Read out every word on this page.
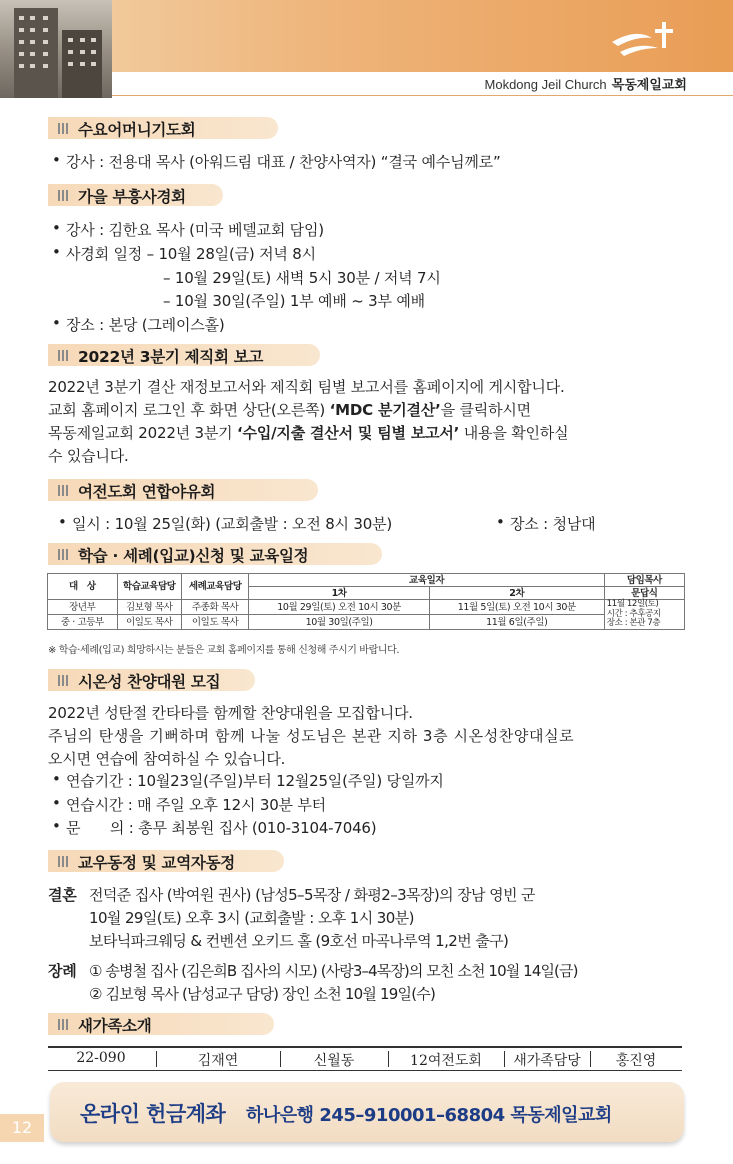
Mokdong Jeil Church 목동제일교회
수요어머니기도회
• 강사 : 전용대 목사 (아워드림 대표 / 찬양사역자) “결국 예수님께로”
가을 부흥사경회
• 강사 : 김한요 목사 (미국 베델교회 담임)
• 사경회 일정 – 10월 28일(금) 저녁 8시
– 10월 29일(토) 새벽 5시 30분 / 저녁 7시
– 10월 30일(주일) 1부 예배 ~ 3부 예배
• 장소 : 본당 (그레이스홀)
2022년 3분기 제직회 보고
2022년 3분기 결산 재정보고서와 제직회 팀별 보고서를 홈페이지에 게시합니다.
교회 홈페이지 로그인 후 화면 상단(오른쪽) ‘MDC 분기결산’을 클릭하시면
목동제일교회 2022년 3분기 ‘수입/지출 결산서 및 팀별 보고서’ 내용을 확인하실
수 있습니다.
여전도회 연합야유회
• 일시 : 10월 25일(화) (교회출발 : 오전 8시 30분)	• 장소 : 청남대
학습 · 세례(입교)신청 및 교육일정
대　상	학습교육담당	세례교육담당	교육일자		담임목사
			1차	2차	문답식
장년부	김보형 목사	주종화 목사	10월 29일(토) 오전 10시 30분	11월 5일(토) 오전 10시 30분	11월 12일(토)
시간 : 추후공지
장소 : 본관 7층

중 · 고등부	이일도 목사	이일도 목사	10월 30일(주일)	11월 6일(주일)	
※ 학습·세례(입교) 희망하시는 분들은 교회 홈페이지를 통해 신청해 주시기 바랍니다.
시온성 찬양대원 모집
2022년 성탄절 칸타타를 함께할 찬양대원을 모집합니다.
주님의 탄생을 기뻐하며 함께 나눌 성도님은 본관 지하 3층 시온성찬양대실로
오시면 연습에 참여하실 수 있습니다.
• 연습기간 : 10월23일(주일)부터 12월25일(주일) 당일까지
• 연습시간 : 매 주일 오후 12시 30분 부터
• 문　　의 : 총무 최봉원 집사 (010-3104-7046)
교우동정 및 교역자동정
결혼 전덕준 집사 (박여원 권사) (남성5–5목장 / 화평2–3목장)의 장남 영빈 군
10월 29일(토) 오후 3시 (교회출발 : 오후 1시 30분)
보타닉파크웨딩 & 컨벤션 오키드 홀 (9호선 마곡나루역 1,2번 출구)
장례 ① 송병철 집사 (김은희B 집사의 시모) (사랑3–4목장)의 모친 소천 10월 14일(금)
② 김보형 목사 (남성교구 담당) 장인 소천 10월 19일(수)
새가족소개
22-090	김재연	신월동	12여전도회	새가족담당	홍진영
12
온라인 헌금계좌 하나은행 245–910001–68804 목동제일교회
